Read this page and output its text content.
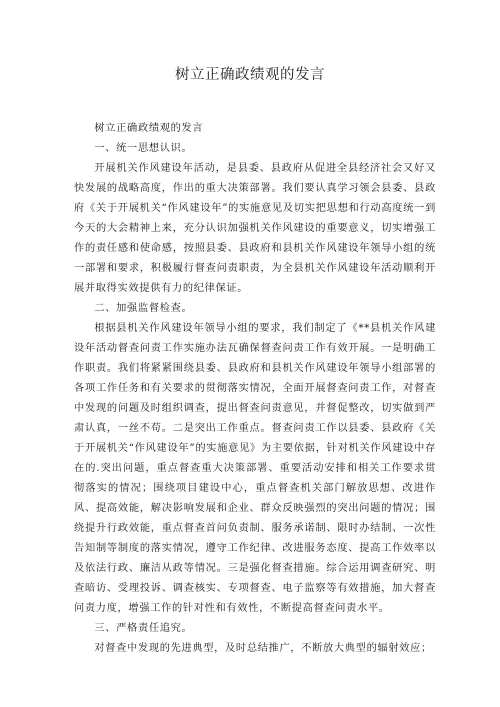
树立正确政绩观的发言

树立正确政绩观的发言

一、统一思想认识。

开展机关作风建设年活动，是县委、县政府从促进全县经济社会又好又快发展的战略高度，作出的重大决策部署。我们要认真学习领会县委、县政府《关于开展机关“作风建设年”的实施意见及切实把思想和行动高度统一到今天的大会精神上来，充分认识加强机关作风建设的重要意义，切实增强工作的责任感和使命感，按照县委、县政府和县机关作风建设年领导小组的统一部署和要求，积极履行督查问责职责，为全县机关作风建设年活动顺利开展并取得实效提供有力的纪律保证。

二、加强监督检查。

根据县机关作风建设年领导小组的要求，我们制定了《**县机关作风建设年活动督查问责工作实施办法瓦确保督查问责工作有效开展。一是明确工作职责。我们将紧紧围绕县委、县政府和县机关作风建设年领导小组部署的各项工作任务和有关要求的贯彻落实情况，全面开展督查问责工作，对督查中发现的问题及时组织调查，提出督查问责意见，并督促整改，切实做到严肃认真，一丝不苟。二是突出工作重点。督查问责工作以县委、县政府《关于开展机关“作风建设年”的实施意见》为主要依据，针对机关作风建设中存在的.突出问题，重点督查重大决策部署、重要活动安排和相关工作要求贯彻落实的情况；围绕项目建设中心，重点督查机关部门解放思想、改进作风、提高效能，解决影响发展和企业、群众反映强烈的突出问题的情况；围绕提升行政效能，重点督查首问负责制、服务承诺制、限时办结制、一次性告知制等制度的落实情况，遵守工作纪律、改进服务态度、提高工作效率以及依法行政、廉洁从政等情况。三是强化督查措施。综合运用调查研究、明查暗访、受理投诉、调查核实、专项督查、电子监察等有效措施，加大督查问责力度，增强工作的针对性和有效性，不断提高督查问责水平。

三、严格责任追究。

对督查中发现的先进典型，及时总结推广，不断放大典型的辐射效应；
